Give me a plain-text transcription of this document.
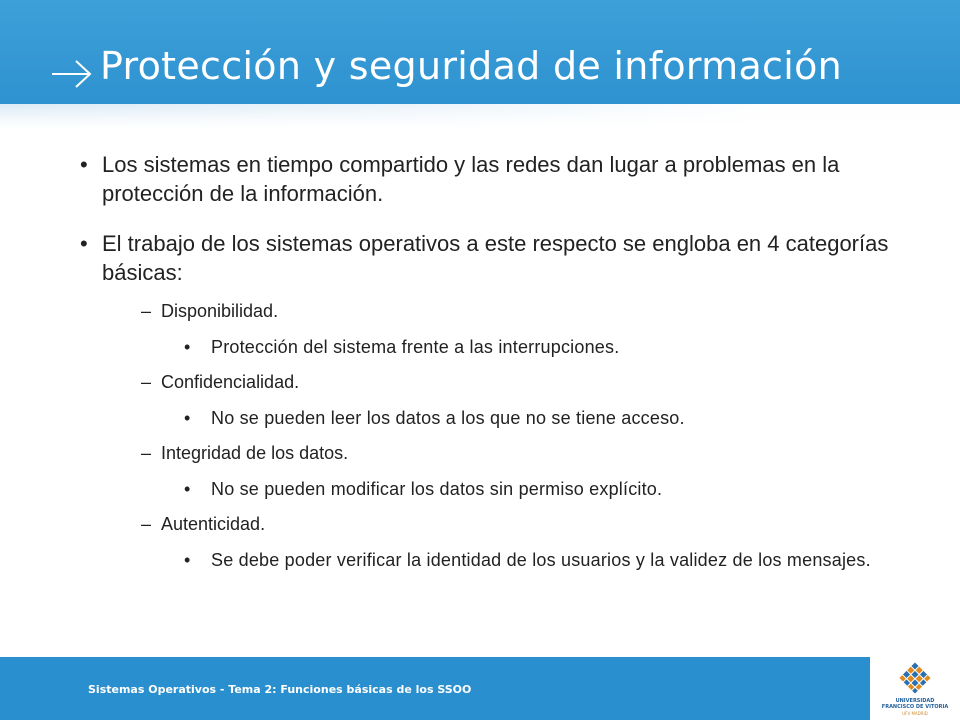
Protección y seguridad de información
• Los sistemas en tiempo compartido y las redes dan lugar a problemas en la protección de la información.
• El trabajo de los sistemas operativos a este respecto se engloba en 4 categorías básicas:
– Disponibilidad.
• Protección del sistema frente a las interrupciones.
– Confidencialidad.
• No se pueden leer los datos a los que no se tiene acceso.
– Integridad de los datos.
• No se pueden modificar los datos sin permiso explícito.
– Autenticidad.
• Se debe poder verificar la identidad de los usuarios y la validez de los mensajes.
Sistemas Operativos - Tema 2: Funciones básicas de los SSOO
UNIVERSIDAD
FRANCISCO DE VITORIA
UFV MADRID
